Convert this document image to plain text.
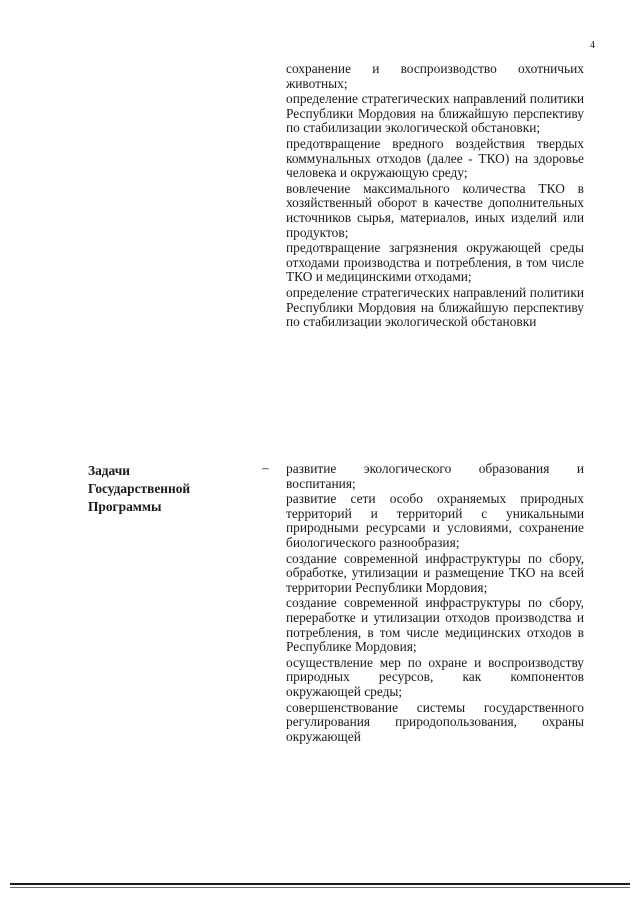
4

сохранение и воспроизводство охотничьих животных;

определение стратегических направлений политики Республики Мордовия на ближайшую перспективу по стабилизации экологической обстановки;

предотвращение вредного воздействия твердых коммунальных отходов (далее - ТКО) на здоровье человека и окружающую среду;

вовлечение максимального количества ТКО в хозяйственный оборот в качестве дополнительных источников сырья, материалов, иных изделий или продуктов;

предотвращение загрязнения окружающей среды отходами производства и потребления, в том числе ТКО и медицинскими отходами;

определение стратегических направлений политики Республики Мордовия на ближайшую перспективу по стабилизации экологической обстановки

Задачи
Государственной
Программы
– развитие экологического образования и воспитания;

развитие сети особо охраняемых природных территорий и территорий с уникальными природными ресурсами и условиями, сохранение биологического разнообразия;

создание современной инфраструктуры по сбору, обработке, утилизации и размещение ТКО на всей территории Республики Мордовия;

создание современной инфраструктуры по сбору, переработке и утилизации отходов производства и потребления, в том числе медицинских отходов в Республике Мордовия;

осуществление мер по охране и воспроизводству природных ресурсов, как компонентов окружающей среды;

совершенствование системы государственного регулирования природопользования, охраны окружающей
